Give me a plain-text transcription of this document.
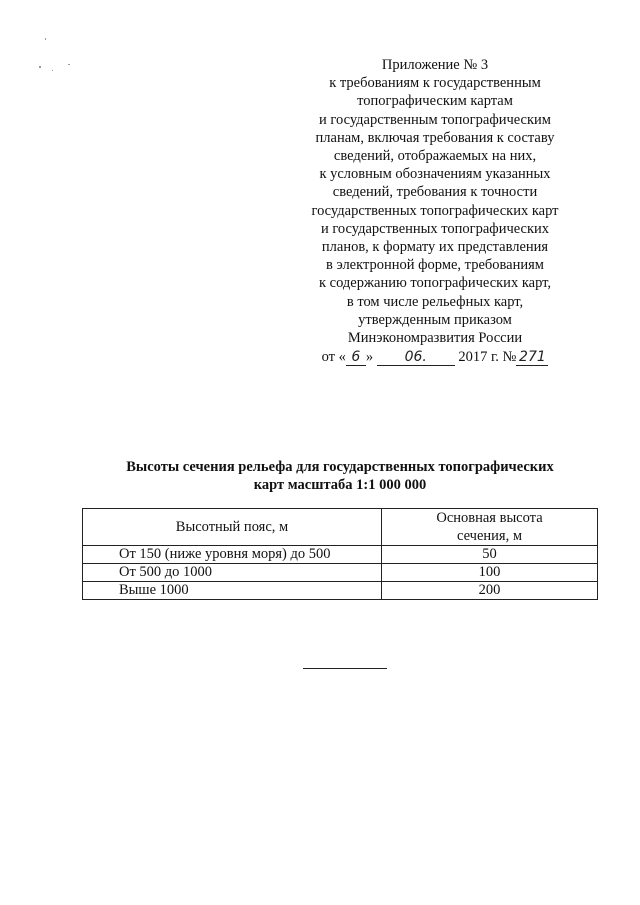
Приложение № 3
к требованиям к государственным
топографическим картам
и государственным топографическим
планам, включая требования к составу
сведений, отображаемых на них,
к условным обозначениям указанных
сведений, требования к точности
государственных топографических карт
и государственных топографических
планов, к формату их представления
в электронной форме, требованиям
к содержанию топографических карт,
в том числе рельефных карт,
утвержденным приказом
Минэкономразвития России
от « 6 » 06. 2017 г. № 271
Высоты сечения рельефа для государственных топографических
карт масштаба 1:1 000 000
Высотный пояс, м	Основная высота
сечения, м
От 150 (ниже уровня моря) до 500	50
От 500 до 1000	100
Выше 1000	200
